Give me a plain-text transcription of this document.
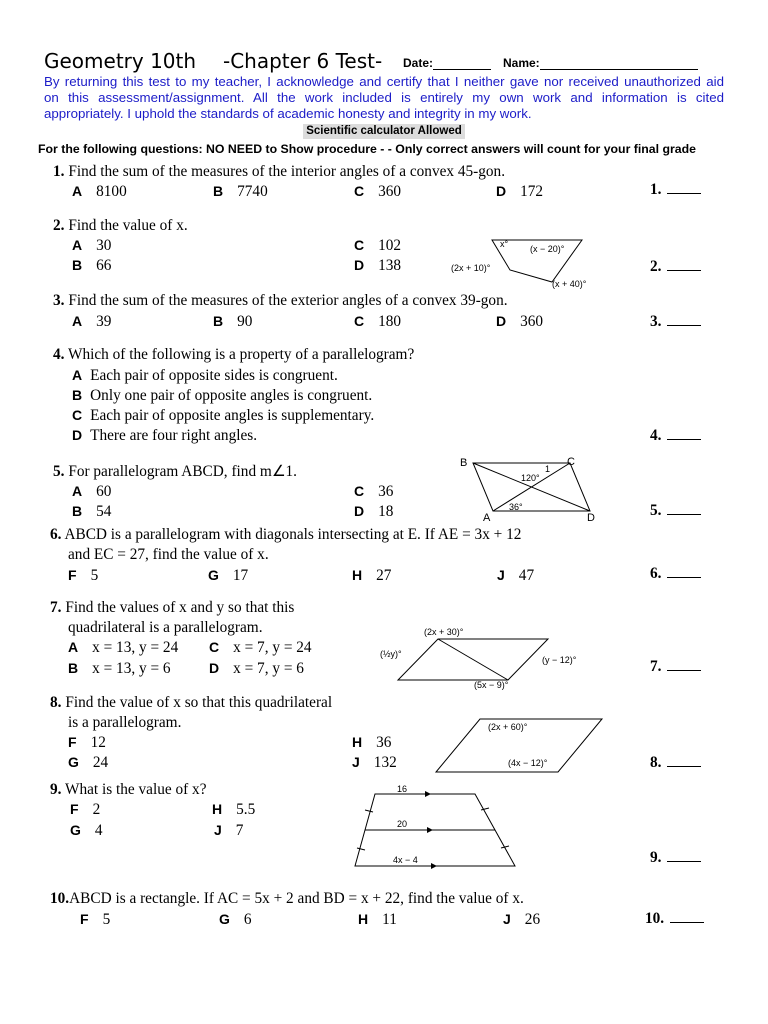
Geometry 10th -Chapter 6 Test- Date:	Name:
By returning this test to my teacher, I acknowledge and certify that I neither gave nor received unauthorized aid
on this assessment/assignment. All the work included is entirely my own work and information is cited
appropriately. I uphold the standards of academic honesty and integrity in my work.
Scientific calculator Allowed
For the following questions: NO NEED to Show procedure - - Only correct answers will count for your final grade
1. Find the sum of the measures of the interior angles of a convex 45-gon.
A 8100	B 7740	C 360	D 172	1.
2. Find the value of x.
A 30
B 66
C 102
D 138	2.
x° (x − 20)°
(2x + 10)°
(x + 40)°
3. Find the sum of the measures of the exterior angles of a convex 39-gon.
A 39	B 90	C 180	D 360	3.
4. Which of the following is a property of a parallelogram?
A Each pair of opposite sides is congruent.
B Only one pair of opposite angles is congruent.
C Each pair of opposite angles is supplementary.
D There are four right angles.	4.
5. For parallelogram ABCD, find m∠1.
A 60
B 54
C 36
D 18	5.
B	C
A	D
1
120°
36°
6. ABCD is a parallelogram with diagonals intersecting at E. If AE = 3x + 12
and EC = 27, find the value of x.
F 5	G 17	H 27	J 47	6.
7. Find the values of x and y so that this
quadrilateral is a parallelogram.
A x = 13, y = 24
B x = 13, y = 6
C x = 7, y = 24
D x = 7, y = 6	7.
(2x + 30)°
(½y)°
(y − 12)°
(5x − 9)°
8. Find the value of x so that this quadrilateral
is a parallelogram.
F 12
G 24
H 36
J 132	8.
(2x + 60)°
(4x − 12)°
9. What is the value of x?
F 2
G 4
H 5.5
J 7
9.
16
20
4x − 4
10.ABCD is a rectangle. If AC = 5x + 2 and BD = x + 22, find the value of x.
F 5	G 6	H 11	J 26	10.
